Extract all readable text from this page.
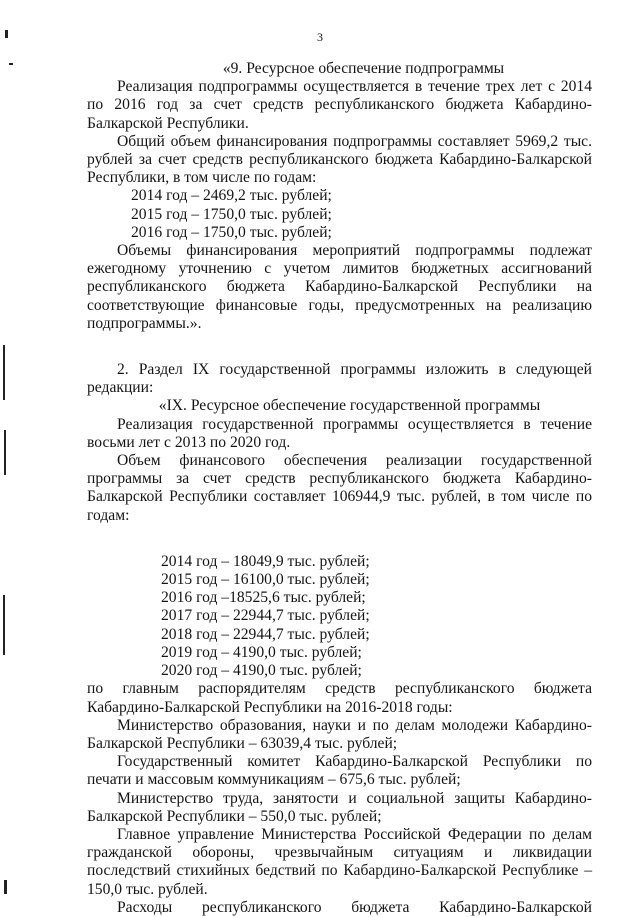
3

«9. Ресурсное обеспечение подпрограммы

Реализация подпрограммы осуществляется в течение трех лет с 2014 по 2016 год за счет средств республиканского бюджета Кабардино-Балкарской Республики.

Общий объем финансирования подпрограммы составляет 5969,2 тыс. рублей за счет средств республиканского бюджета Кабардино-Балкарской Республики, в том числе по годам:

2014 год – 2469,2 тыс. рублей;

2015 год – 1750,0 тыс. рублей;

2016 год – 1750,0 тыс. рублей;

Объемы финансирования мероприятий подпрограммы подлежат ежегодному уточнению с учетом лимитов бюджетных ассигнований республиканского бюджета Кабардино-Балкарской Республики на соответствующие финансовые годы, предусмотренных на реализацию подпрограммы.».

2. Раздел IX государственной программы изложить в следующей редакции:

«IX. Ресурсное обеспечение государственной программы

Реализация государственной программы осуществляется в течение восьми лет с 2013 по 2020 год.

Объем финансового обеспечения реализации государственной программы за счет средств республиканского бюджета Кабардино-Балкарской Республики составляет 106944,9 тыс. рублей, в том числе по годам:

2014 год – 18049,9 тыс. рублей;

2015 год – 16100,0 тыс. рублей;

2016 год –18525,6 тыс. рублей;

2017 год – 22944,7 тыс. рублей;

2018 год – 22944,7 тыс. рублей;

2019 год – 4190,0 тыс. рублей;

2020 год – 4190,0 тыс. рублей;

по главным распорядителям средств республиканского бюджета Кабардино-Балкарской Республики на 2016-2018 годы:

Министерство образования, науки и по делам молодежи Кабардино-Балкарской Республики – 63039,4 тыс. рублей;

Государственный комитет Кабардино-Балкарской Республики по печати и массовым коммуникациям – 675,6 тыс. рублей;

Министерство труда, занятости и социальной защиты Кабардино-Балкарской Республики – 550,0 тыс. рублей;

Главное управление Министерства Российской Федерации по делам гражданской обороны, чрезвычайным ситуациям и ликвидации последствий стихийных бедствий по Кабардино-Балкарской Республике – 150,0 тыс. рублей.

Расходы республиканского бюджета Кабардино-Балкарской
